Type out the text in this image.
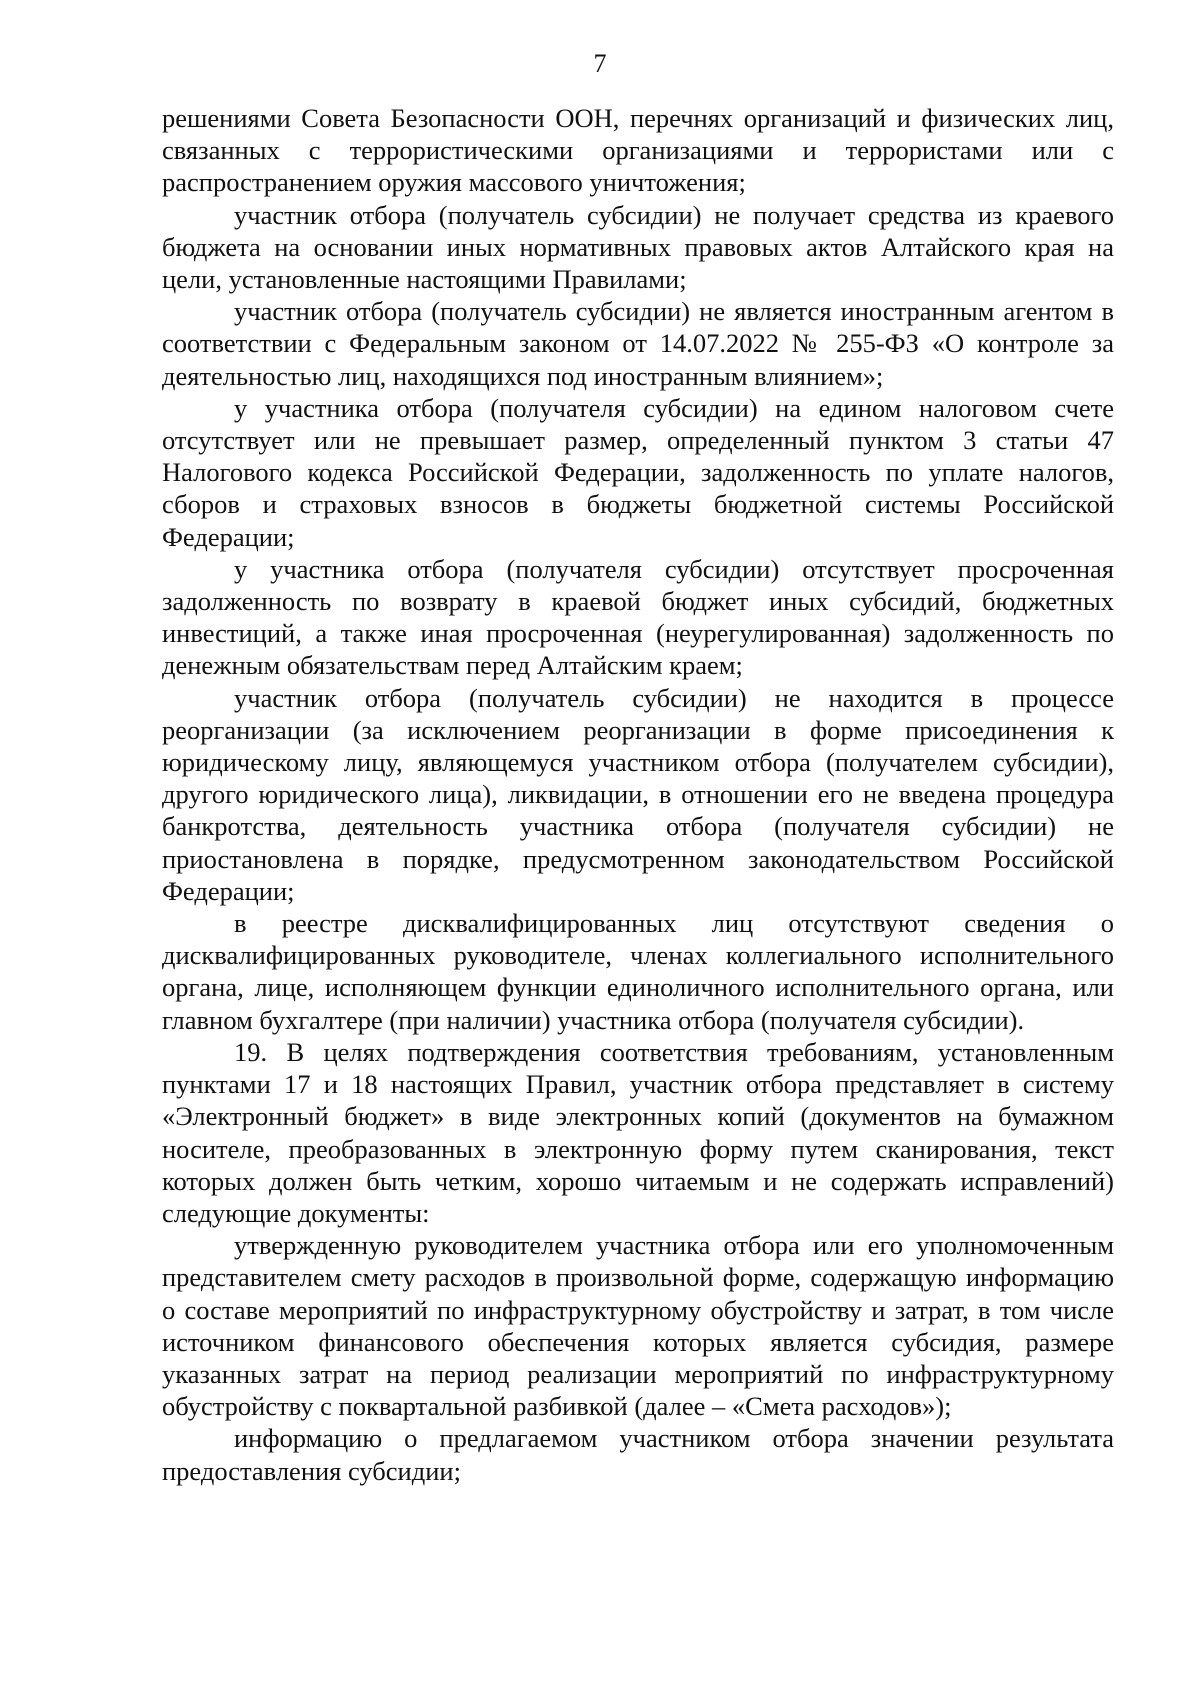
7

решениями Совета Безопасности ООН, перечнях организаций и физических лиц, связанных с террористическими организациями и террористами или с распространением оружия массового уничтожения;

участник отбора (получатель субсидии) не получает средства из краевого бюджета на основании иных нормативных правовых актов Алтайского края на цели, установленные настоящими Правилами;

участник отбора (получатель субсидии) не является иностранным агентом в соответствии с Федеральным законом от 14.07.2022 № 255-ФЗ «О контроле за деятельностью лиц, находящихся под иностранным влиянием»;

у участника отбора (получателя субсидии) на едином налоговом счете отсутствует или не превышает размер, определенный пунктом 3 статьи 47 Налогового кодекса Российской Федерации, задолженность по уплате налогов, сборов и страховых взносов в бюджеты бюджетной системы Российской Федерации;

у участника отбора (получателя субсидии) отсутствует просроченная задолженность по возврату в краевой бюджет иных субсидий, бюджетных инвестиций, а также иная просроченная (неурегулированная) задолженность по денежным обязательствам перед Алтайским краем;

участник отбора (получатель субсидии) не находится в процессе реорганизации (за исключением реорганизации в форме присоединения к юридическому лицу, являющемуся участником отбора (получателем субсидии), другого юридического лица), ликвидации, в отношении его не введена процедура банкротства, деятельность участника отбора (получателя субсидии) не приостановлена в порядке, предусмотренном законодательством Российской Федерации;

в реестре дисквалифицированных лиц отсутствуют сведения о дисквалифицированных руководителе, членах коллегиального исполнительного органа, лице, исполняющем функции единоличного исполнительного органа, или главном бухгалтере (при наличии) участника отбора (получателя субсидии).

19. В целях подтверждения соответствия требованиям, установленным пунктами 17 и 18 настоящих Правил, участник отбора представляет в систему «Электронный бюджет» в виде электронных копий (документов на бумажном носителе, преобразованных в электронную форму путем сканирования, текст которых должен быть четким, хорошо читаемым и не содержать исправлений) следующие документы:

утвержденную руководителем участника отбора или его уполномоченным представителем смету расходов в произвольной форме, содержащую информацию о составе мероприятий по инфраструктурному обустройству и затрат, в том числе источником финансового обеспечения которых является субсидия, размере указанных затрат на период реализации мероприятий по инфраструктурному обустройству с поквартальной разбивкой (далее – «Смета расходов»);

информацию о предлагаемом участником отбора значении результата предоставления субсидии;
